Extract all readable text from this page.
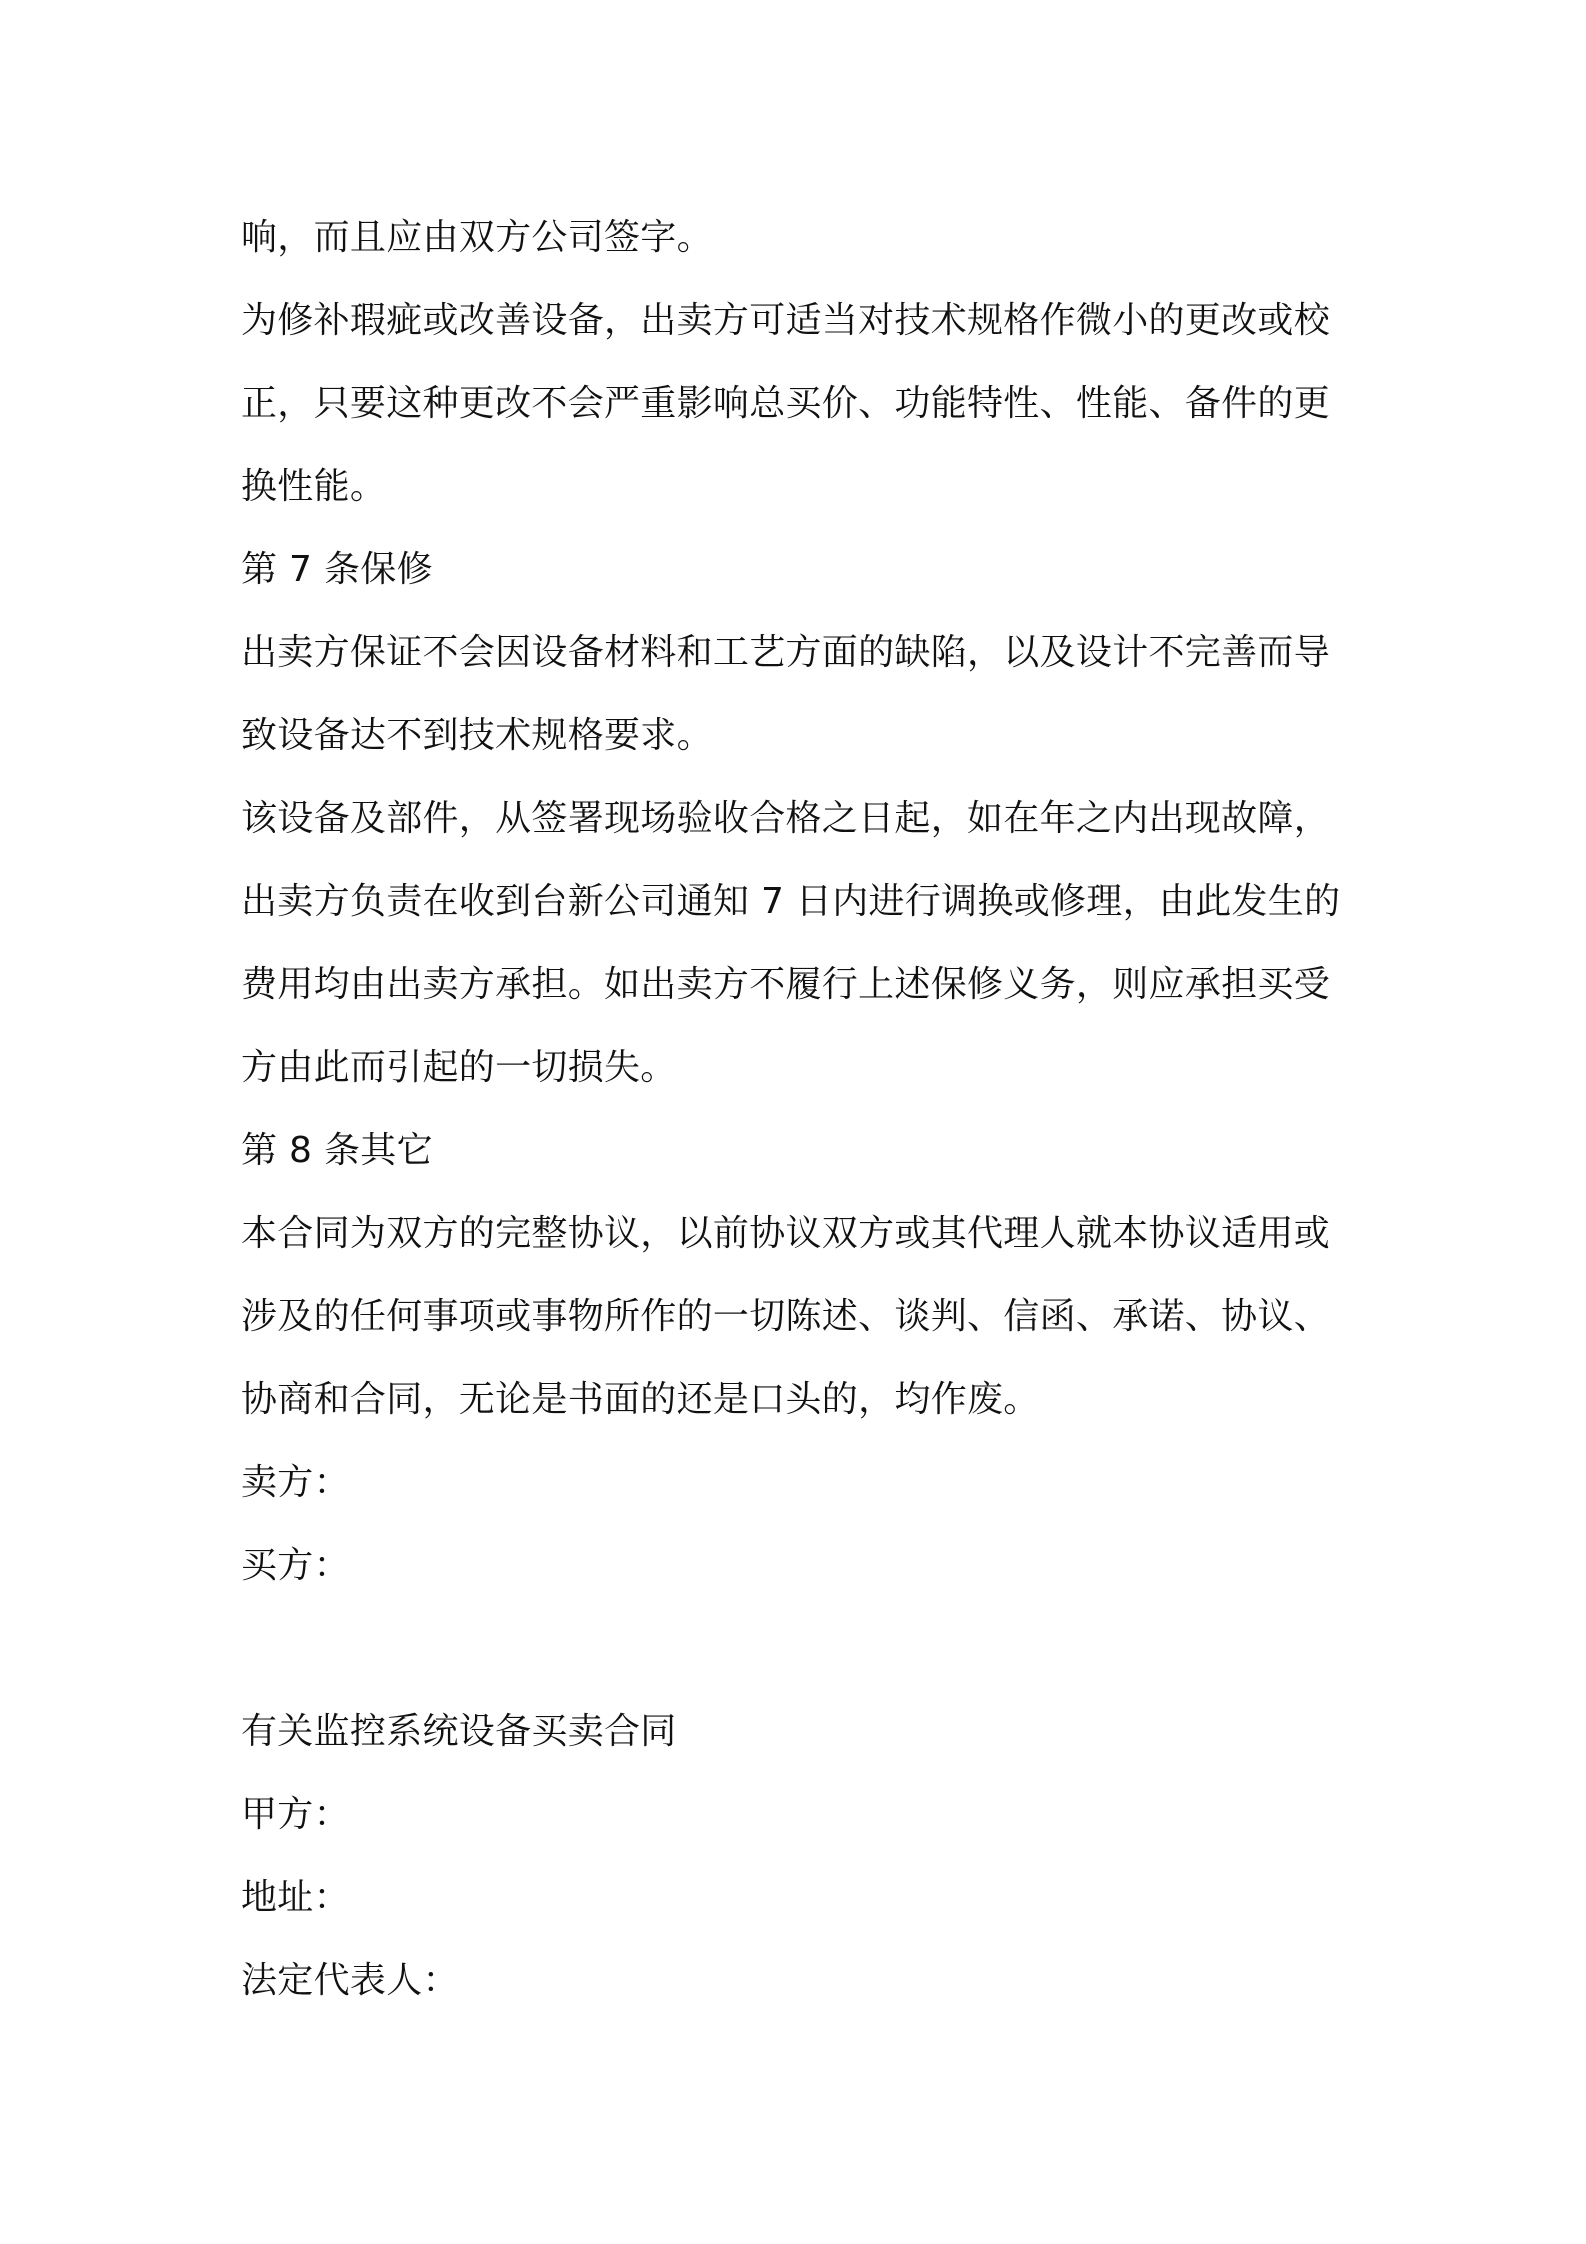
响，而且应由双方公司签字。
为修补瑕疵或改善设备，出卖方可适当对技术规格作微小的更改或校
正，只要这种更改不会严重影响总买价、功能特性、性能、备件的更
换性能。
第 7 条保修
出卖方保证不会因设备材料和工艺方面的缺陷，以及设计不完善而导
致设备达不到技术规格要求。
该设备及部件，从签署现场验收合格之日起，如在年之内出现故障，
出卖方负责在收到台新公司通知 7 日内进行调换或修理，由此发生的
费用均由出卖方承担。如出卖方不履行上述保修义务，则应承担买受
方由此而引起的一切损失。
第 8 条其它
本合同为双方的完整协议，以前协议双方或其代理人就本协议适用或
涉及的任何事项或事物所作的一切陈述、谈判、信函、承诺、协议、
协商和合同，无论是书面的还是口头的，均作废。
卖方：
买方：
有关监控系统设备买卖合同
甲方：
地址：
法定代表人：
